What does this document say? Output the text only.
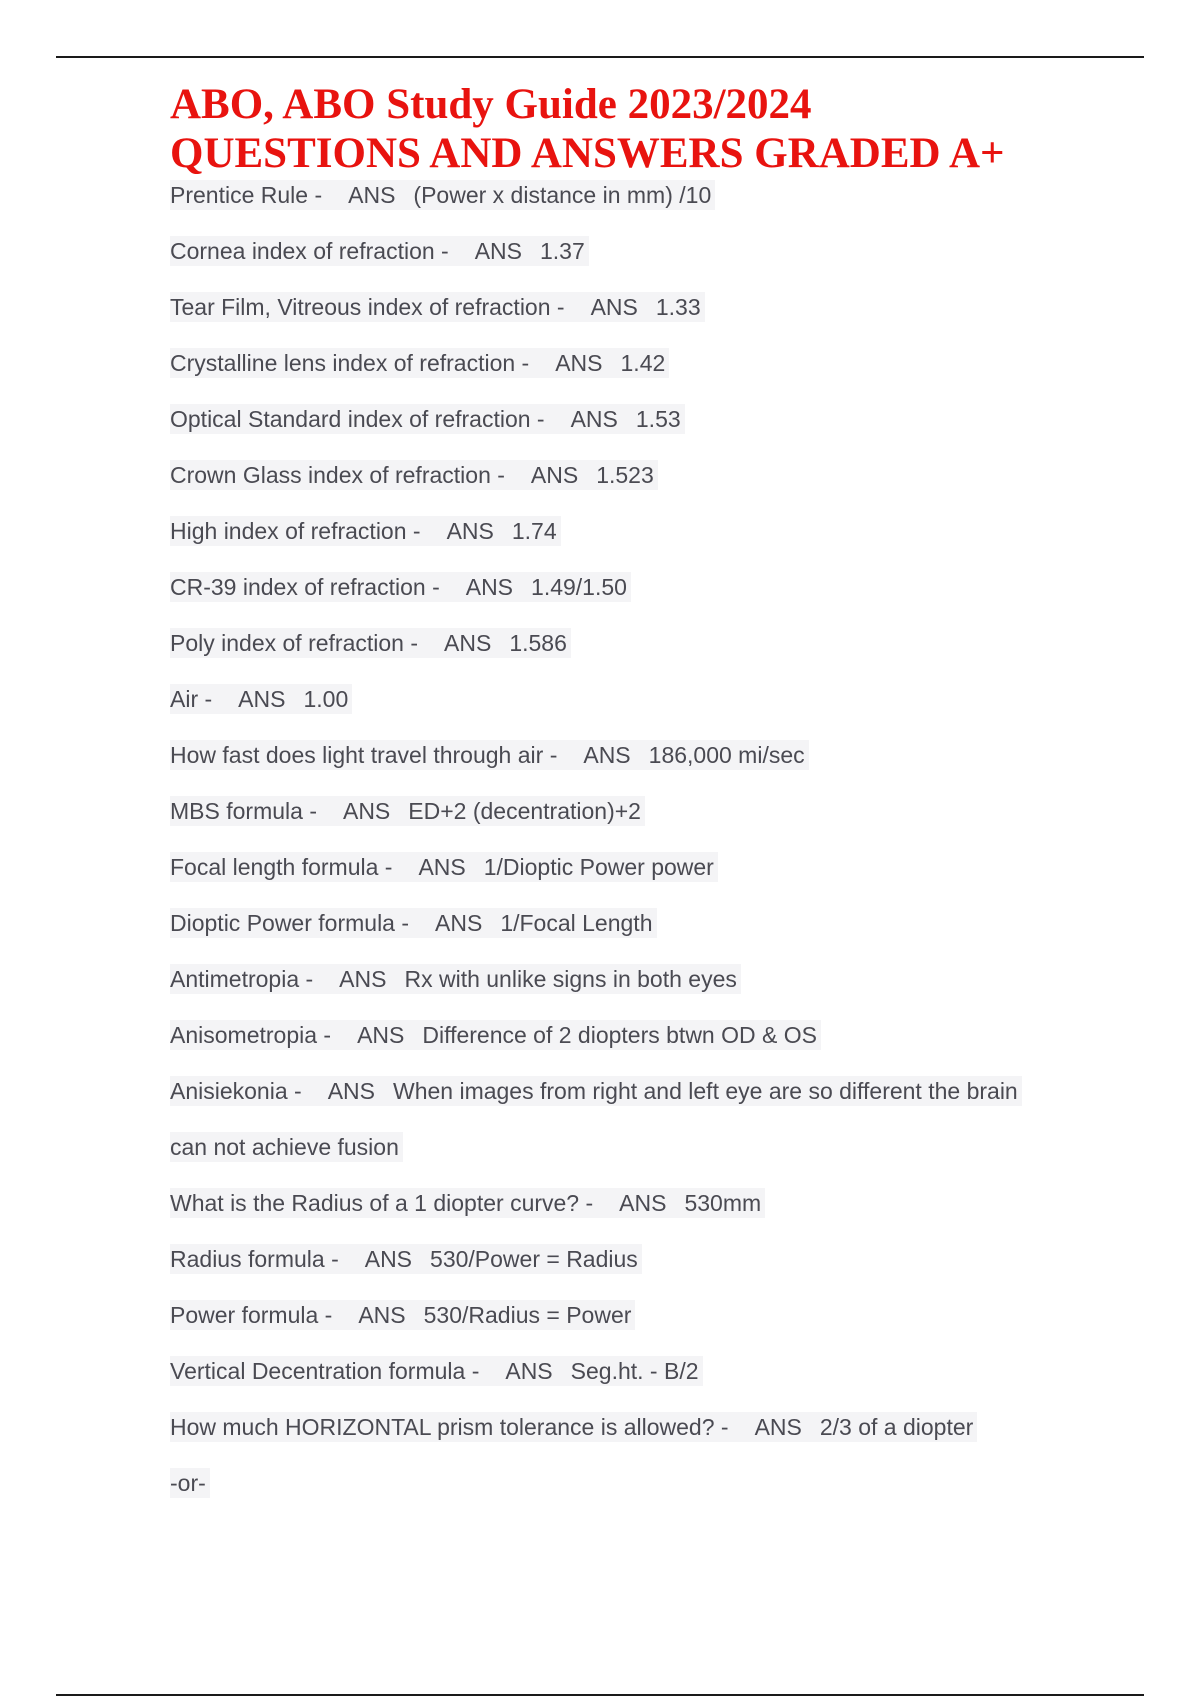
ABO, ABO Study Guide 2023/2024
QUESTIONS AND ANSWERS GRADED A+
Prentice Rule - ANS (Power x distance in mm) /10
Cornea index of refraction - ANS 1.37
Tear Film, Vitreous index of refraction - ANS 1.33
Crystalline lens index of refraction - ANS 1.42
Optical Standard index of refraction - ANS 1.53
Crown Glass index of refraction - ANS 1.523
High index of refraction - ANS 1.74
CR-39 index of refraction - ANS 1.49/1.50
Poly index of refraction - ANS 1.586
Air - ANS 1.00
How fast does light travel through air - ANS 186,000 mi/sec
MBS formula - ANS ED+2 (decentration)+2
Focal length formula - ANS 1/Dioptic Power power
Dioptic Power formula - ANS 1/Focal Length
Antimetropia - ANS Rx with unlike signs in both eyes
Anisometropia - ANS Difference of 2 diopters btwn OD & OS
Anisiekonia - ANS When images from right and left eye are so different the brain
can not achieve fusion
What is the Radius of a 1 diopter curve? - ANS 530mm
Radius formula - ANS 530/Power = Radius
Power formula - ANS 530/Radius = Power
Vertical Decentration formula - ANS Seg.ht. - B/2
How much HORIZONTAL prism tolerance is allowed? - ANS 2/3 of a diopter
-or-
